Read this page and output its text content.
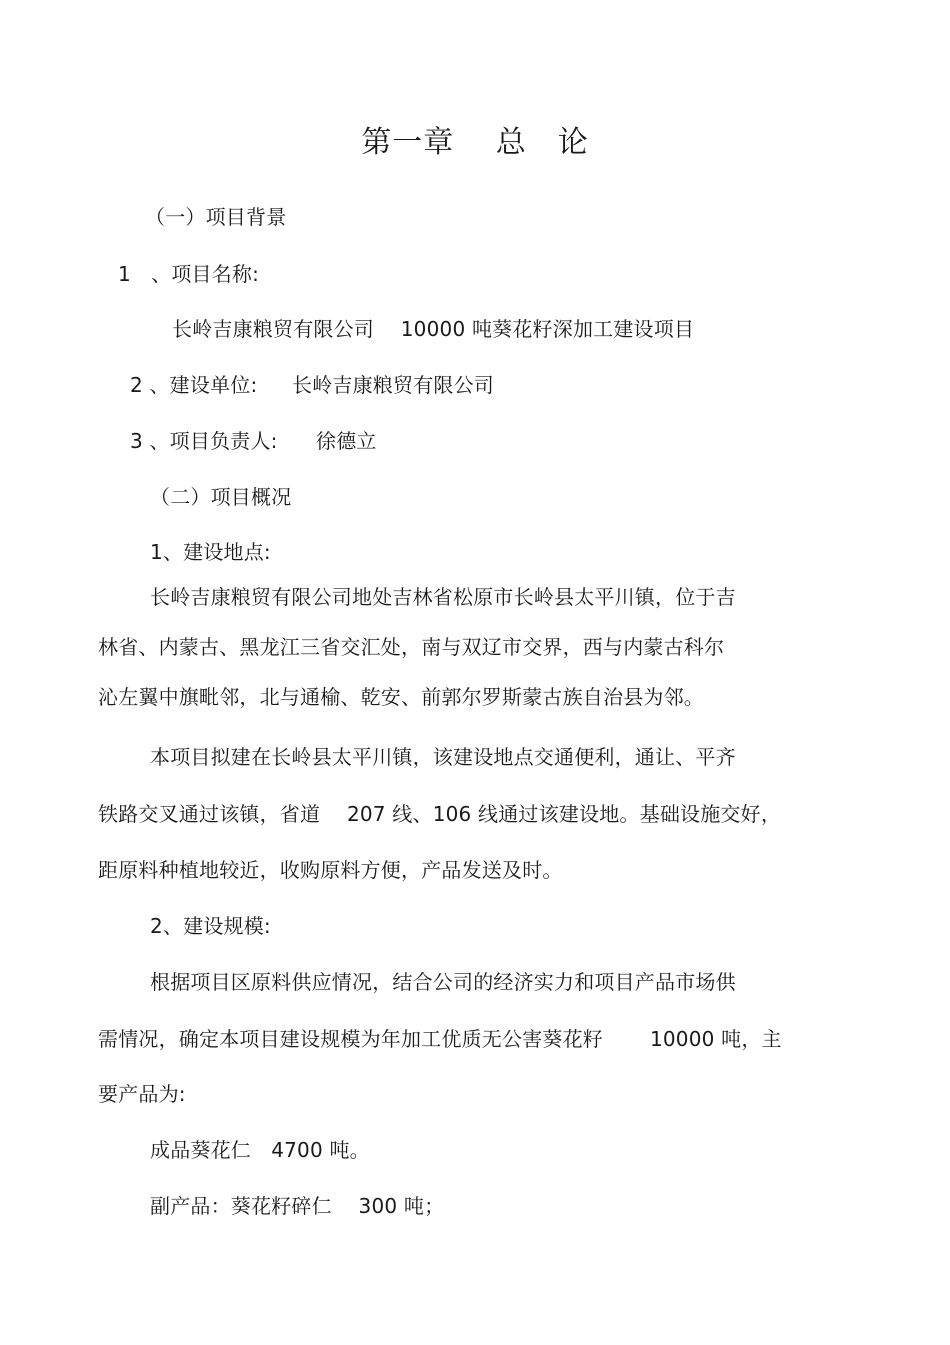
第一章　 总　论
（一）项目背景
1　、项目名称:
长岭吉康粮贸有限公司　 10000 吨葵花籽深加工建设项目
2 、建设单位: 长岭吉康粮贸有限公司
3 、项目负责人: 徐德立
（二）项目概况
1、建设地点:
长岭吉康粮贸有限公司地处吉林省松原市长岭县太平川镇，位于吉
林省、内蒙古、黑龙江三省交汇处，南与双辽市交界，西与内蒙古科尔
沁左翼中旗毗邻，北与通榆、乾安、前郭尔罗斯蒙古族自治县为邻。
本项目拟建在长岭县太平川镇，该建设地点交通便利，通让、平齐
铁路交叉通过该镇，省道　 207 线、106 线通过该建设地。基础设施交好，
距原料种植地较近，收购原料方便，产品发送及时。
2、建设规模:
根据项目区原料供应情况，结合公司的经济实力和项目产品市场供
需情况，确定本项目建设规模为年加工优质无公害葵花籽　　 10000 吨，主
要产品为:
成品葵花仁　4700 吨。
副产品：葵花籽碎仁　 300 吨；
